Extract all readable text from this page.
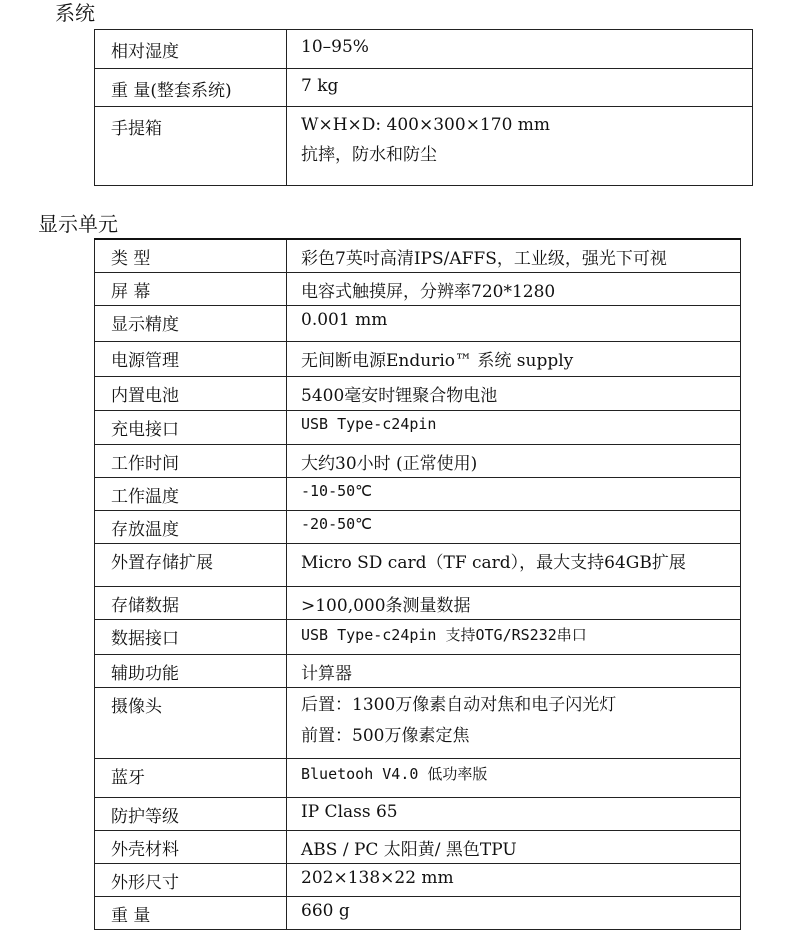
系统
相对湿度	10–95%
重 量(整套系统)	7 kg
手提箱	W×H×D: 400×300×170 mm
抗摔，防水和防尘
显示单元
类 型	彩色7英吋高清IPS/AFFS，工业级，强光下可视
屏 幕	电容式触摸屏，分辨率720*1280
显示精度	0.001 mm
电源管理	无间断电源Endurio™ 系统 supply
内置电池	5400毫安时锂聚合物电池
充电接口	USB Type-c24pin
工作时间	大约30小时 (正常使用)
工作温度	-10-50℃
存放温度	-20-50℃
外置存储扩展	Micro SD card（TF card），最大支持64GB扩展
存储数据	>100,000条测量数据
数据接口	USB Type-c24pin 支持OTG/RS232串口
辅助功能	计算器
摄像头	后置：1300万像素自动对焦和电子闪光灯
前置：500万像素定焦

蓝牙	Bluetooh V4.0 低功率版
防护等级	IP Class 65
外壳材料	ABS / PC 太阳黄/ 黑色TPU
外形尺寸	202×138×22 mm
重 量	660 g
